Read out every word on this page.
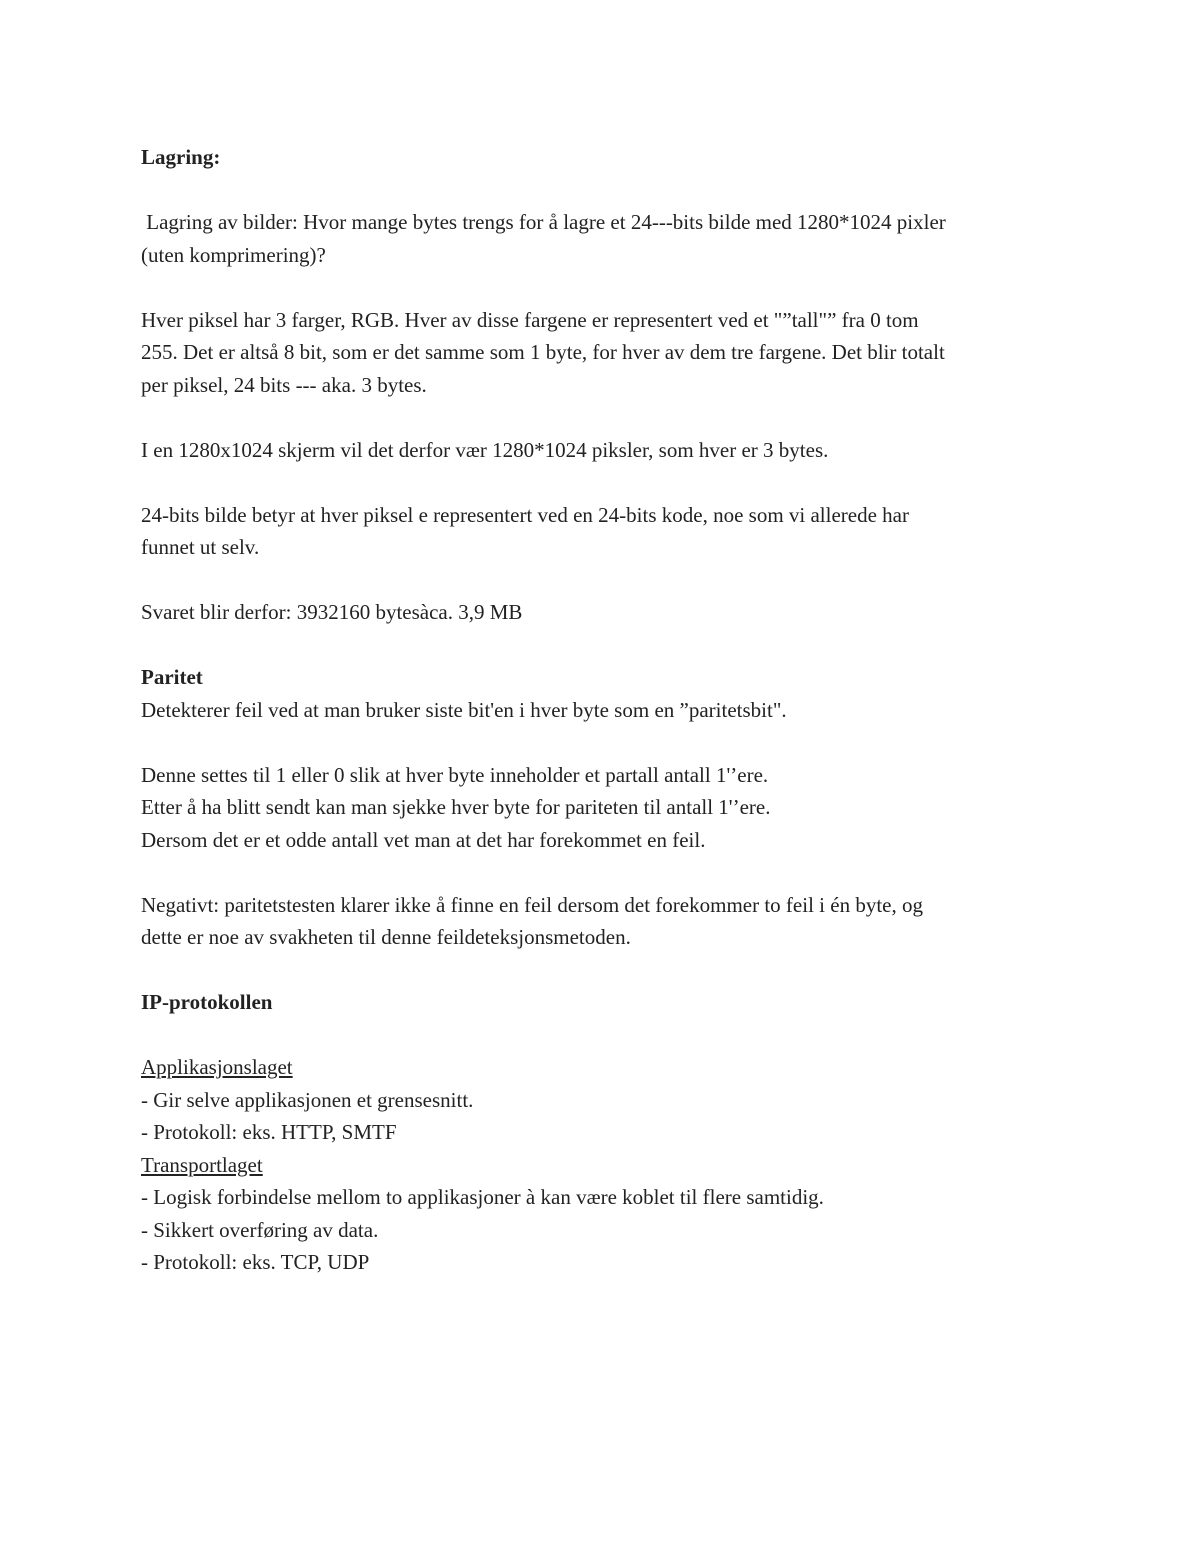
Lagring:
Lagring av bilder: Hvor mange bytes trengs for å lagre et 24---bits bilde med 1280*1024 pixler
(uten komprimering)?
Hver piksel har 3 farger, RGB. Hver av disse fargene er representert ved et "”tall"” fra 0 tom
255. Det er altså 8 bit, som er det samme som 1 byte, for hver av dem tre fargene. Det blir totalt
per piksel, 24 bits --- aka. 3 bytes.
I en 1280x1024 skjerm vil det derfor vær 1280*1024 piksler, som hver er 3 bytes.
24-bits bilde betyr at hver piksel e representert ved en 24-bits kode, noe som vi allerede har
funnet ut selv.
Svaret blir derfor: 3932160 bytesàca. 3,9 MB
Paritet
Detekterer feil ved at man bruker siste bit'en i hver byte som en ”paritetsbit".
Denne settes til 1 eller 0 slik at hver byte inneholder et partall antall 1'’ere.
Etter å ha blitt sendt kan man sjekke hver byte for pariteten til antall 1'’ere.
Dersom det er et odde antall vet man at det har forekommet en feil.
Negativt: paritetstesten klarer ikke å finne en feil dersom det forekommer to feil i én byte, og
dette er noe av svakheten til denne feildeteksjonsmetoden.
IP-protokollen
Applikasjonslaget
- Gir selve applikasjonen et grensesnitt.
- Protokoll: eks. HTTP, SMTF
Transportlaget
- Logisk forbindelse mellom to applikasjoner à kan være koblet til flere samtidig.
- Sikkert overføring av data.
- Protokoll: eks. TCP, UDP
